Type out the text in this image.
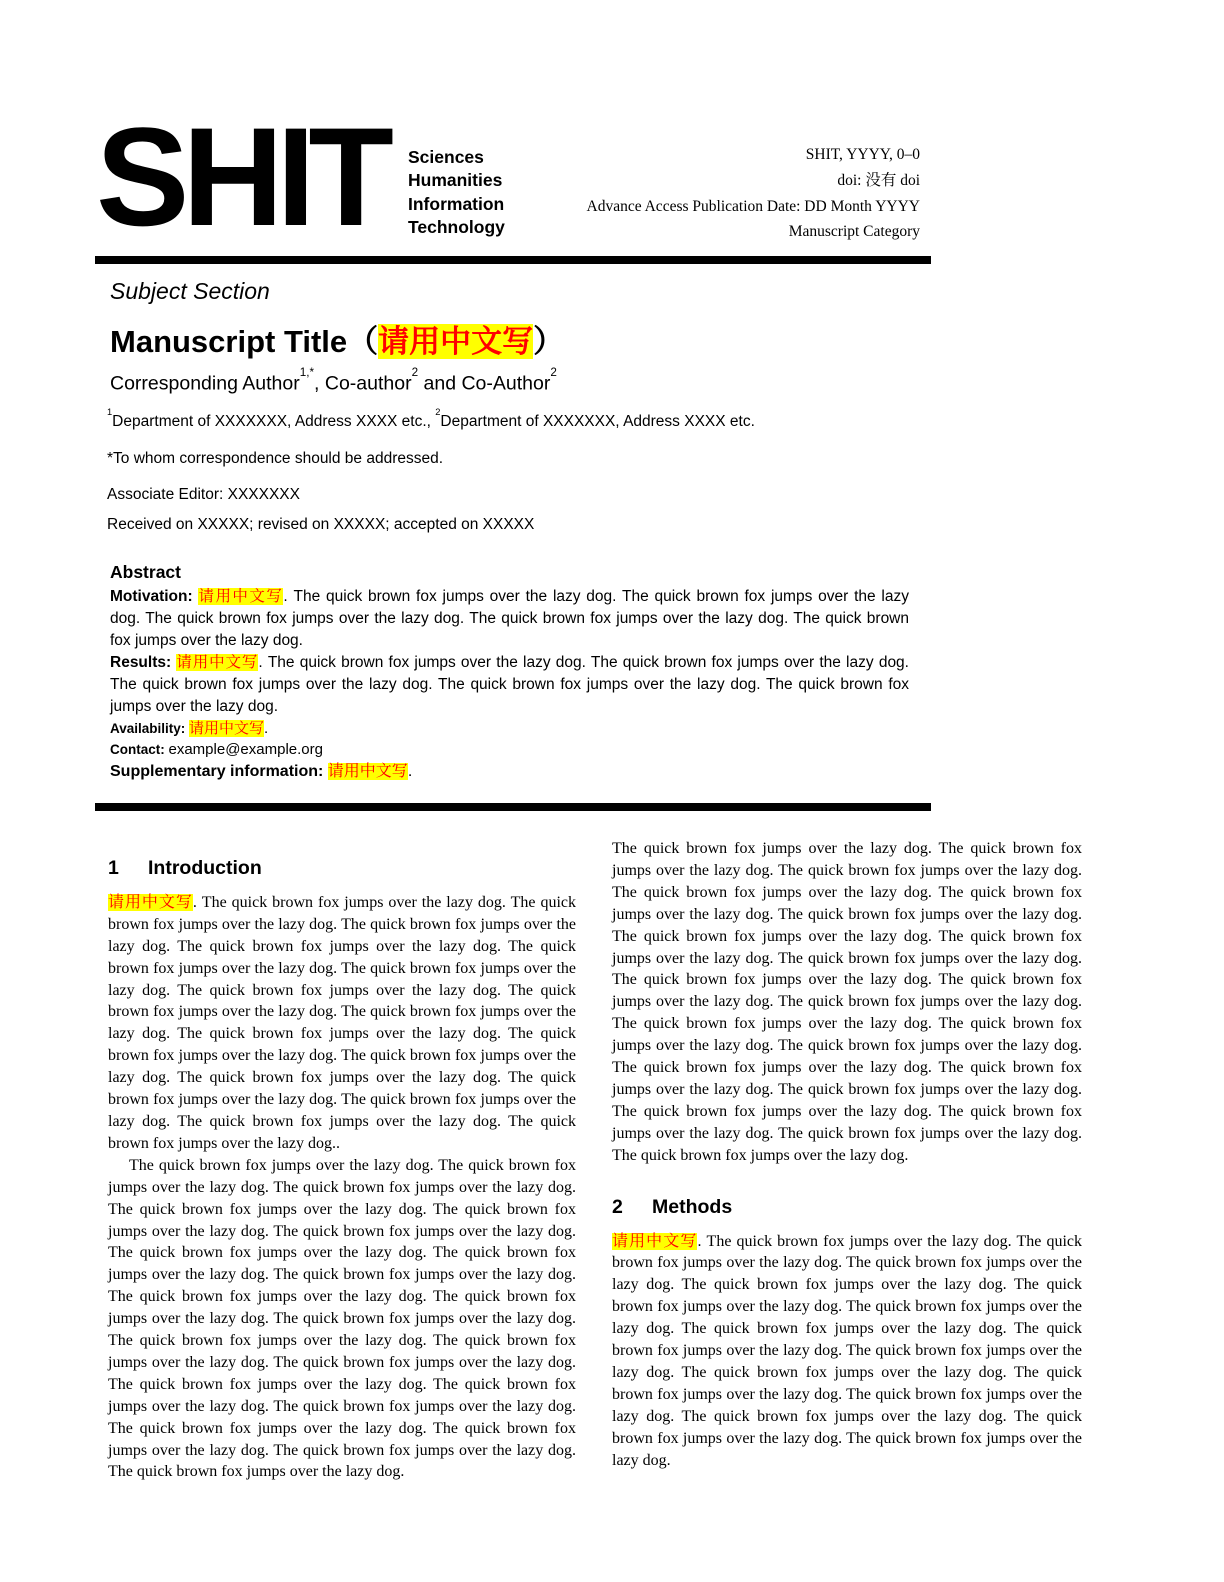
SHIT Sciences
Humanities
Information
Technology
SHIT, YYYY, 0–0
doi: 没有 doi
Advance Access Publication Date: DD Month YYYY
Manuscript Category
Subject Section
Manuscript Title（请用中文写）
Corresponding Author$^{1,*}$, Co-author$^2$ and Co-Author$^2$
$^1$Department of XXXXXXX, Address XXXX etc., $^2$Department of XXXXXXX, Address XXXX etc.
*To whom correspondence should be addressed.
Associate Editor: XXXXXXX
Received on XXXXX; revised on XXXXX; accepted on XXXXX
Abstract

Motivation: 请用中文写. The quick brown fox jumps over the lazy dog. The quick brown fox jumps over the lazy dog. The quick brown fox jumps over the lazy dog. The quick brown fox jumps over the lazy dog. The quick brown fox jumps over the lazy dog.

Results: 请用中文写. The quick brown fox jumps over the lazy dog. The quick brown fox jumps over the lazy dog. The quick brown fox jumps over the lazy dog. The quick brown fox jumps over the lazy dog. The quick brown fox jumps over the lazy dog.

Availability: 请用中文写.

Contact: example@example.org

Supplementary information: 请用中文写.

1 Introduction

请用中文写. The quick brown fox jumps over the lazy dog. The quick brown fox jumps over the lazy dog. The quick brown fox jumps over the lazy dog. The quick brown fox jumps over the lazy dog. The quick brown fox jumps over the lazy dog. The quick brown fox jumps over the lazy dog. The quick brown fox jumps over the lazy dog. The quick brown fox jumps over the lazy dog. The quick brown fox jumps over the lazy dog. The quick brown fox jumps over the lazy dog. The quick brown fox jumps over the lazy dog. The quick brown fox jumps over the lazy dog. The quick brown fox jumps over the lazy dog. The quick brown fox jumps over the lazy dog. The quick brown fox jumps over the lazy dog. The quick brown fox jumps over the lazy dog. The quick brown fox jumps over the lazy dog..

The quick brown fox jumps over the lazy dog. The quick brown fox jumps over the lazy dog. The quick brown fox jumps over the lazy dog. The quick brown fox jumps over the lazy dog. The quick brown fox jumps over the lazy dog. The quick brown fox jumps over the lazy dog. The quick brown fox jumps over the lazy dog. The quick brown fox jumps over the lazy dog. The quick brown fox jumps over the lazy dog. The quick brown fox jumps over the lazy dog. The quick brown fox jumps over the lazy dog. The quick brown fox jumps over the lazy dog. The quick brown fox jumps over the lazy dog. The quick brown fox jumps over the lazy dog. The quick brown fox jumps over the lazy dog. The quick brown fox jumps over the lazy dog. The quick brown fox jumps over the lazy dog. The quick brown fox jumps over the lazy dog. The quick brown fox jumps over the lazy dog. The quick brown fox jumps over the lazy dog. The quick brown fox jumps over the lazy dog. The quick brown fox jumps over the lazy dog.

The quick brown fox jumps over the lazy dog. The quick brown fox jumps over the lazy dog. The quick brown fox jumps over the lazy dog. The quick brown fox jumps over the lazy dog. The quick brown fox jumps over the lazy dog. The quick brown fox jumps over the lazy dog. The quick brown fox jumps over the lazy dog. The quick brown fox jumps over the lazy dog. The quick brown fox jumps over the lazy dog. The quick brown fox jumps over the lazy dog. The quick brown fox jumps over the lazy dog. The quick brown fox jumps over the lazy dog. The quick brown fox jumps over the lazy dog. The quick brown fox jumps over the lazy dog. The quick brown fox jumps over the lazy dog. The quick brown fox jumps over the lazy dog. The quick brown fox jumps over the lazy dog. The quick brown fox jumps over the lazy dog. The quick brown fox jumps over the lazy dog. The quick brown fox jumps over the lazy dog. The quick brown fox jumps over the lazy dog. The quick brown fox jumps over the lazy dog.

2 Methods

请用中文写. The quick brown fox jumps over the lazy dog. The quick brown fox jumps over the lazy dog. The quick brown fox jumps over the lazy dog. The quick brown fox jumps over the lazy dog. The quick brown fox jumps over the lazy dog. The quick brown fox jumps over the lazy dog. The quick brown fox jumps over the lazy dog. The quick brown fox jumps over the lazy dog. The quick brown fox jumps over the lazy dog. The quick brown fox jumps over the lazy dog. The quick brown fox jumps over the lazy dog. The quick brown fox jumps over the lazy dog. The quick brown fox jumps over the lazy dog. The quick brown fox jumps over the lazy dog. The quick brown fox jumps over the lazy dog.
